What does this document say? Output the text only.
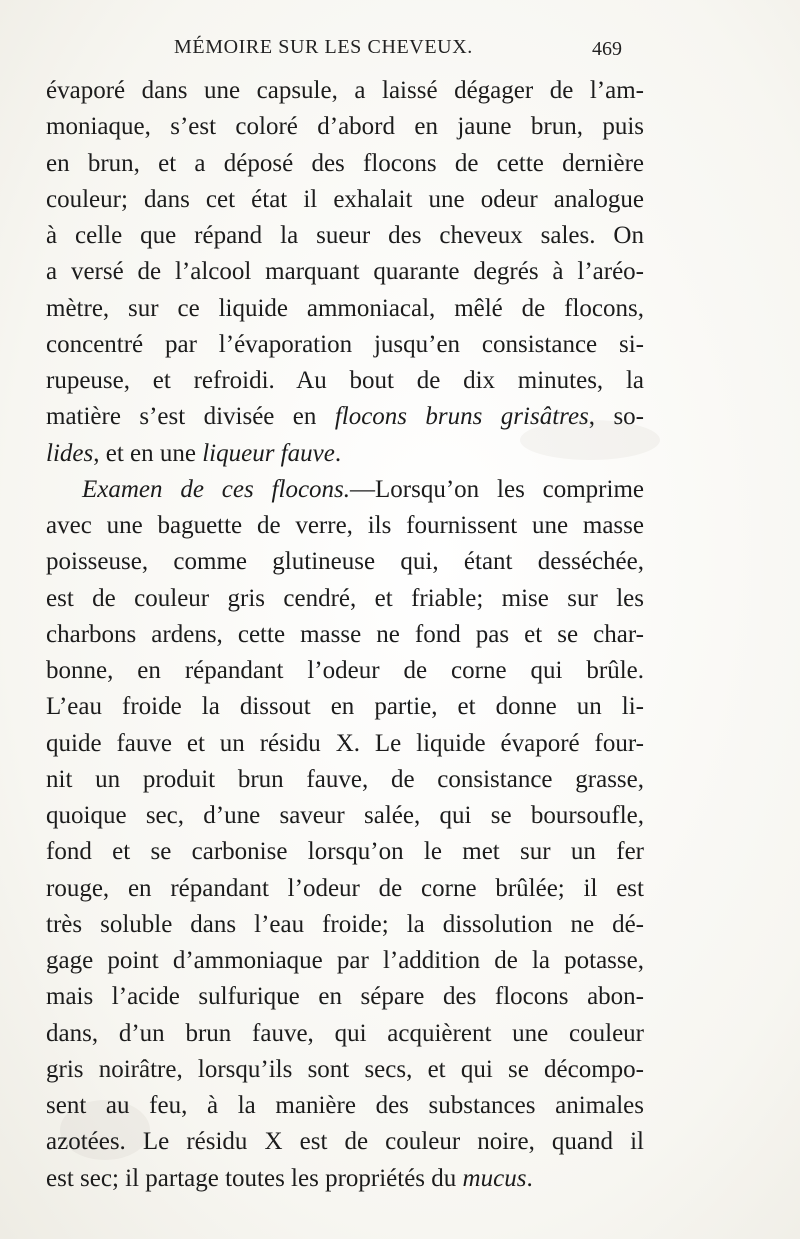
MÉMOIRE SUR LES CHEVEUX.	469
évaporé dans une capsule, a laissé dégager de l’am-
moniaque, s’est coloré d’abord en jaune brun, puis
en brun, et a déposé des flocons de cette dernière
couleur; dans cet état il exhalait une odeur analogue
à celle que répand la sueur des cheveux sales. On
a versé de l’alcool marquant quarante degrés à l’aréo-
mètre, sur ce liquide ammoniacal, mêlé de flocons,
concentré par l’évaporation jusqu’en consistance si-
rupeuse, et refroidi. Au bout de dix minutes, la
matière s’est divisée en flocons bruns grisâtres, so-
lides, et en une liqueur fauve.
Examen de ces flocons.—Lorsqu’on les comprime
avec une baguette de verre, ils fournissent une masse
poisseuse, comme glutineuse qui, étant desséchée,
est de couleur gris cendré, et friable; mise sur les
charbons ardens, cette masse ne fond pas et se char-
bonne, en répandant l’odeur de corne qui brûle.
L’eau froide la dissout en partie, et donne un li-
quide fauve et un résidu X. Le liquide évaporé four-
nit un produit brun fauve, de consistance grasse,
quoique sec, d’une saveur salée, qui se boursoufle,
fond et se carbonise lorsqu’on le met sur un fer
rouge, en répandant l’odeur de corne brûlée; il est
très soluble dans l’eau froide; la dissolution ne dé-
gage point d’ammoniaque par l’addition de la potasse,
mais l’acide sulfurique en sépare des flocons abon-
dans, d’un brun fauve, qui acquièrent une couleur
gris noirâtre, lorsqu’ils sont secs, et qui se décompo-
sent au feu, à la manière des substances animales
azotées. Le résidu X est de couleur noire, quand il
est sec; il partage toutes les propriétés du mucus.
